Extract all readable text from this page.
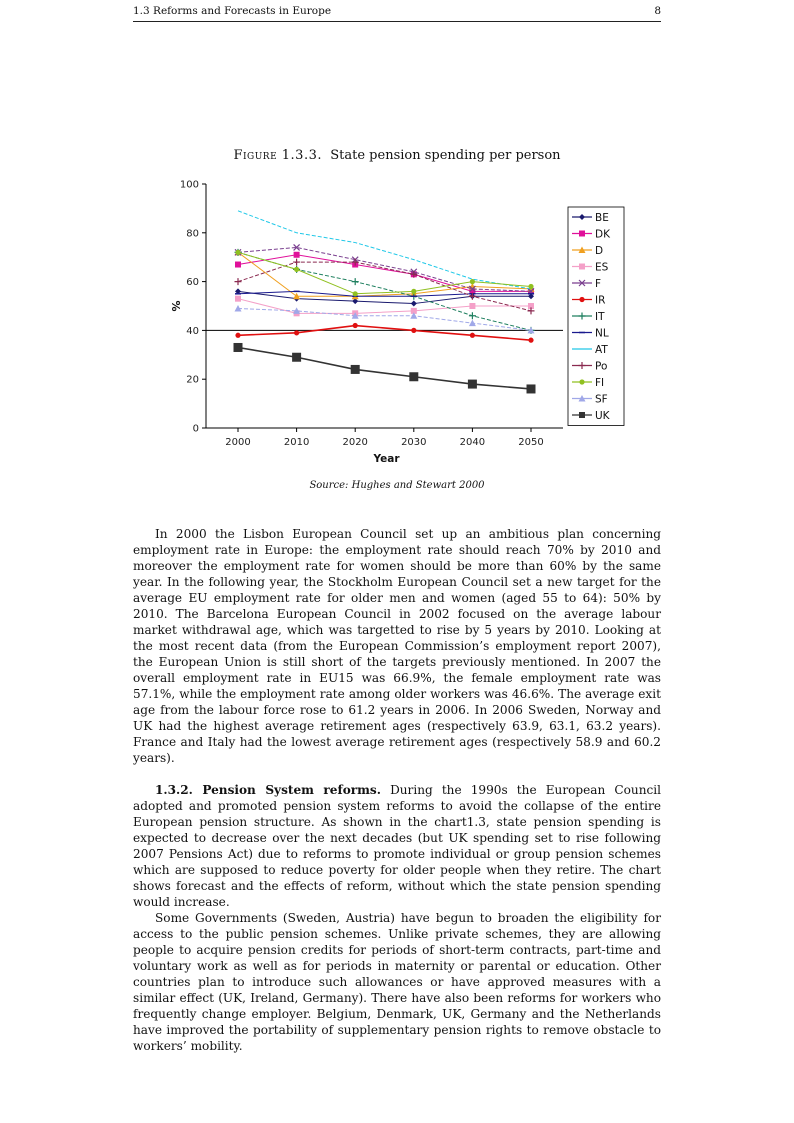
1.3 Reforms and Forecasts in Europe	8
Figure 1.3.3. State pension spending per person
0
20
40
60
80
100
2000	2010	2020	2030	2040	2050
Year
%
BE
DK
D
ES
F
IR
IT
NL
AT
Po
FI
SF
UK
Source: Hughes and Stewart 2000

In 2000 the Lisbon European Council set up an ambitious plan concerning employment rate in Europe: the employment rate should reach 70% by 2010 and moreover the employment rate for women should be more than 60% by the same year. In the following year, the Stockholm European Council set a new target for the average EU employment rate for older men and women (aged 55 to 64): 50% by 2010. The Barcelona European Council in 2002 focused on the average labour market withdrawal age, which was targetted to rise by 5 years by 2010. Looking at the most recent data (from the European Commission’s employment report 2007), the European Union is still short of the targets previously mentioned. In 2007 the overall employment rate in EU15 was 66.9%, the female employment rate was 57.1%, while the employment rate among older workers was 46.6%. The average exit age from the labour force rose to 61.2 years in 2006. In 2006 Sweden, Norway and UK had the highest average retirement ages (respectively 63.9, 63.1, 63.2 years). France and Italy had the lowest average retirement ages (respectively 58.9 and 60.2 years).

1.3.2. Pension System reforms. During the 1990s the European Council adopted and promoted pension system reforms to avoid the collapse of the entire European pension structure. As shown in the chart1.3, state pension spending is expected to decrease over the next decades (but UK spending set to rise following 2007 Pensions Act) due to reforms to promote individual or group pension schemes which are supposed to reduce poverty for older people when they retire. The chart shows forecast and the effects of reform, without which the state pension spending would increase.

Some Governments (Sweden, Austria) have begun to broaden the eligibility for access to the public pension schemes. Unlike private schemes, they are allowing people to acquire pension credits for periods of short-term contracts, part-time and voluntary work as well as for periods in maternity or parental or education. Other countries plan to introduce such allowances or have approved measures with a similar effect (UK, Ireland, Germany). There have also been reforms for workers who frequently change employer. Belgium, Denmark, UK, Germany and the Netherlands have improved the portability of supplementary pension rights to remove obstacle to workers’ mobility.
